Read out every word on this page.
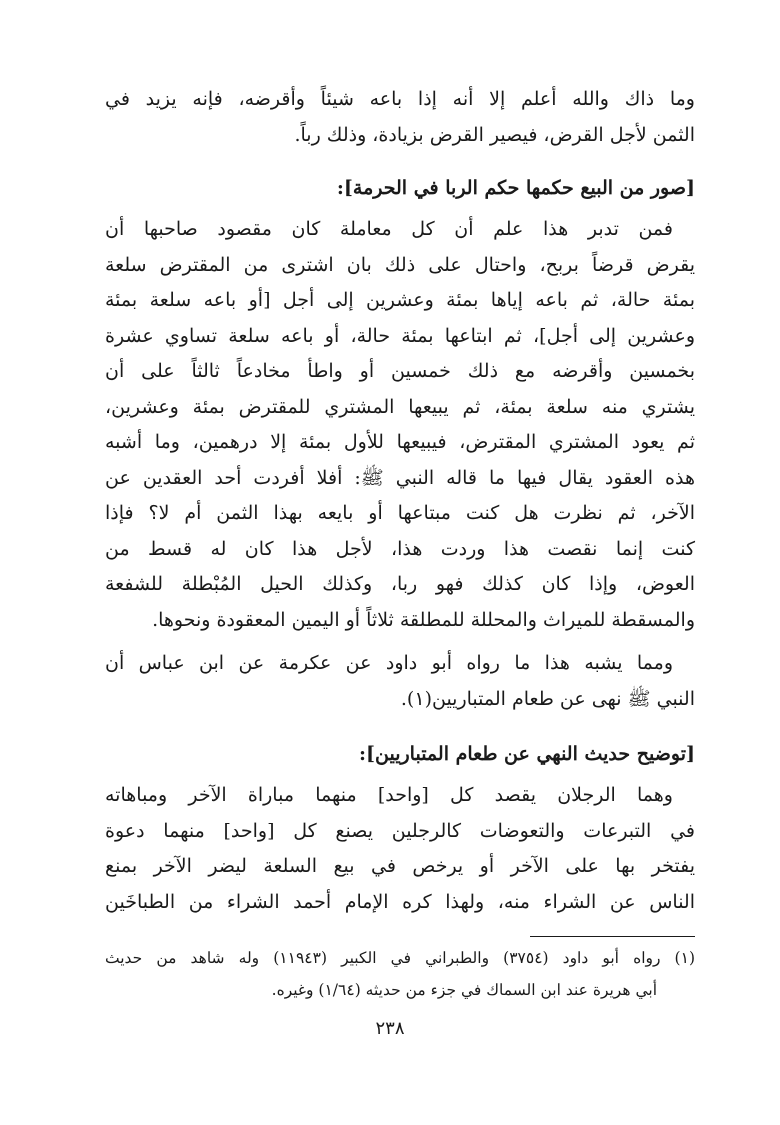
وما ذاك والله أعلم إلا أنه إذا باعه شيئاً وأقرضه، فإنه يزيد في
الثمن لأجل القرض، فيصير القرض بزيادة، وذلك رباً.

[صور من البيع حكمها حكم الربا في الحرمة]:

فمن تدبر هذا علم أن كل معاملة كان مقصود صاحبها أن
يقرض قرضاً بربح، واحتال على ذلك بان اشترى من المقترض سلعة
بمئة حالة، ثم باعه إياها بمئة وعشرين إلى أجل [أو باعه سلعة بمئة
وعشرين إلى أجل]، ثم ابتاعها بمئة حالة، أو باعه سلعة تساوي عشرة
بخمسين وأقرضه مع ذلك خمسين أو واطأ مخادعاً ثالثاً على أن
يشتري منه سلعة بمئة، ثم يبيعها المشتري للمقترض بمئة وعشرين،
ثم يعود المشتري المقترض، فيبيعها للأول بمئة إلا درهمين، وما أشبه
هذه العقود يقال فيها ما قاله النبي ﷺ: أفلا أفردت أحد العقدين عن
الآخر، ثم نظرت هل كنت مبتاعها أو بايعه بهذا الثمن أم لا؟ فإذا
كنت إنما نقصت هذا وردت هذا، لأجل هذا كان له قسط من
العوض، وإذا كان كذلك فهو ربا، وكذلك الحيل المُبْطلة للشفعة
والمسقطة للميراث والمحللة للمطلقة ثلاثاً أو اليمين المعقودة ونحوها.

ومما يشبه هذا ما رواه أبو داود عن عكرمة عن ابن عباس أن
النبي ﷺ نهى عن طعام المتباريين(١).

[توضيح حديث النهي عن طعام المتباريين]:

وهما الرجلان يقصد كل [واحد] منهما مباراة الآخر ومباهاته
في التبرعات والتعوضات كالرجلين يصنع كل [واحد] منهما دعوة
يفتخر بها على الآخر أو يرخص في بيع السلعة ليضر الآخر بمنع
الناس عن الشراء منه، ولهذا كره الإمام أحمد الشراء من الطباخَين

(١) رواه أبو داود (٣٧٥٤) والطبراني في الكبير (١١٩٤٣) وله شاهد من حديث
أبي هريرة عند ابن السماك في جزء من حديثه (١/٦٤) وغيره.

٢٣٨
